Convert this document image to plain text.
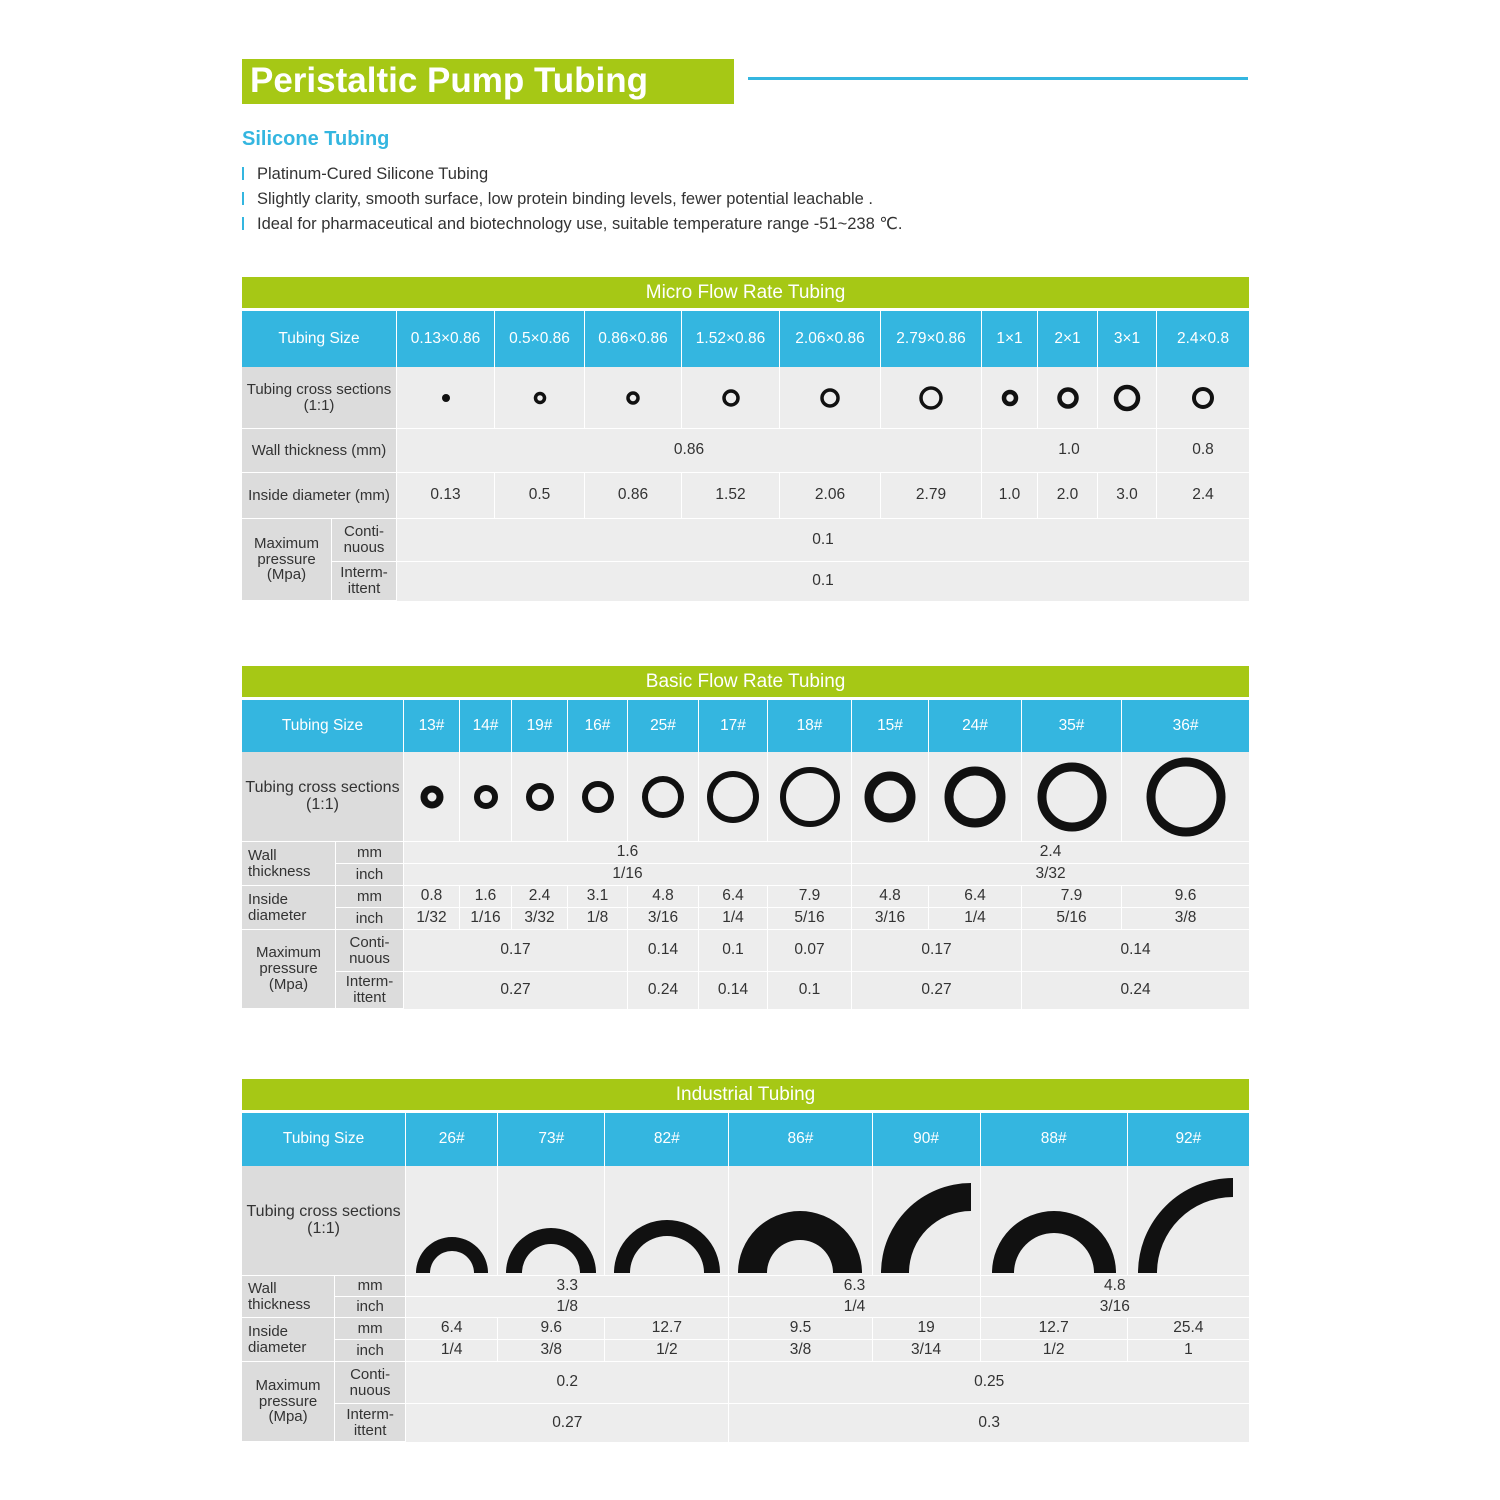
Peristaltic Pump Tubing
Silicone Tubing
Platinum-Cured Silicone Tubing
Slightly clarity, smooth surface, low protein binding levels, fewer potential leachable .
Ideal for pharmaceutical and biotechnology use, suitable temperature range -51~238 ℃.
Micro Flow Rate Tubing											
Tubing Size		0.13×0.86	0.5×0.86	0.86×0.86	1.52×0.86	2.06×0.86	2.79×0.86	1×1	2×1	3×1	2.4×0.8
Tubing cross sections (1:1)	

Wall thickness (mm)		0.86						1.0			0.8
Inside diameter (mm)		0.13	0.5	0.86	1.52	2.06	2.79	1.0	2.0	3.0	2.4
Maximum pressure (Mpa)	Conti- nuous	0.1									
	Interm- ittent	0.1									
Basic Flow Rate Tubing												
Tubing Size		13#	14#	19#	16#	25#	17#	18#	15#	24#	35#	36#
Tubing cross sections (1:1)	

Wall thickness	mm	1.6							2.4			
	inch	1/16							3/32			
Inside diameter	mm	0.8	1.6	2.4	3.1	4.8	6.4	7.9	4.8	6.4	7.9	9.6
	inch	1/32	1/16	3/32	1/8	3/16	1/4	5/16	3/16	1/4	5/16	3/8
Maximum pressure (Mpa)	Conti- nuous	0.17				0.14	0.1	0.07	0.17		0.14	
	Interm- ittent	0.27				0.24	0.14	0.1	0.27		0.24	
Industrial Tubing								
Tubing Size		26#	73#	82#	86#	90#	88#	92#
Tubing cross sections (1:1)	

Wall thickness	mm	3.3			6.3		4.8	
	inch	1/8			1/4		3/16	
Inside diameter	mm	6.4	9.6	12.7	9.5	19	12.7	25.4
	inch	1/4	3/8	1/2	3/8	3/14	1/2	1
Maximum pressure (Mpa)	Conti- nuous	0.2			0.25			
	Interm- ittent	0.27			0.3			
